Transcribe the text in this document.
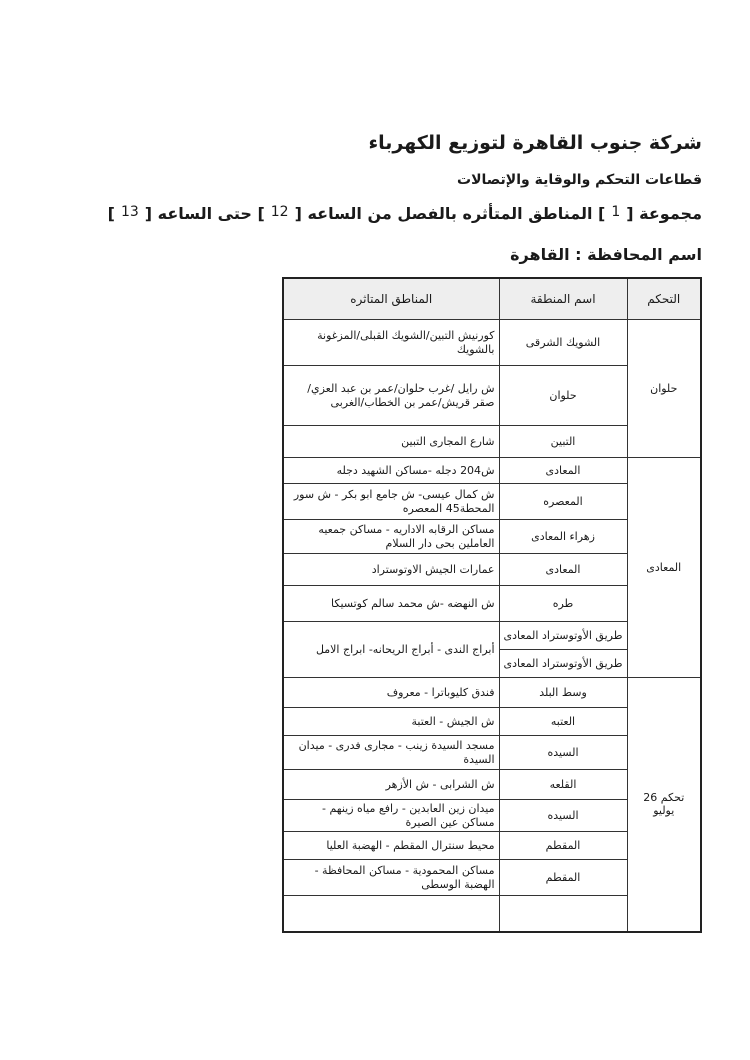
شركة جنوب القاهرة لتوزيع الكهرباء
قطاعات التحكم والوقاية والإتصالات
مجموعة [
1
] المناطق المتأثره بالفصل من الساعه [
12
] حتى الساعه [
13
]
اسم المحافظة : القاهرة
التحكم	اسم المنطقة	المناطق المتاثره
حلوان	الشويك الشرقى	كورنيش التبين/الشويك القبلى/المزغونة بالشويك
	حلوان	ش رايل /غرب حلوان/عمر بن عبد العزي/صقر قريش/عمر بن الخطاب/الغربى
	التبين	شارع المجارى التبين
المعادى	المعادى	ش204 دجله -مساكن الشهيد دجله
	المعصره	ش كمال عيسى- ش جامع ابو بكر - ش سور المحطة45 المعصره
	زهراء المعادى	مساكن الرقابه الاداريه - مساكن جمعيه العاملين بحى دار السلام
	المعادى	عمارات الجيش الاوتوستراد
	طره	ش النهضه -ش محمد سالم كوتسيكا
	طريق الأوتوستراد المعادى	أبراج الندى - أبراج الريحانه- ابراج الامل
	طريق الأوتوستراد المعادى	
تحكم 26 يوليو	وسط البلد	فندق كليوباترا - معروف
	العتبه	ش الجيش - العتبة
	السيده	مسجد السيدة زينب - مجارى فدرى - ميدان السيدة
	القلعه	ش الشرابى - ش الأزهر
	السيده	ميدان زين العابدين - رافع مياه زينهم - مساكن عين الصيرة
	المقطم	محيط سنترال المقطم - الهضبة العليا
	المقطم	مساكن المحمودية - مساكن المحافظة - الهضبة الوسطى
